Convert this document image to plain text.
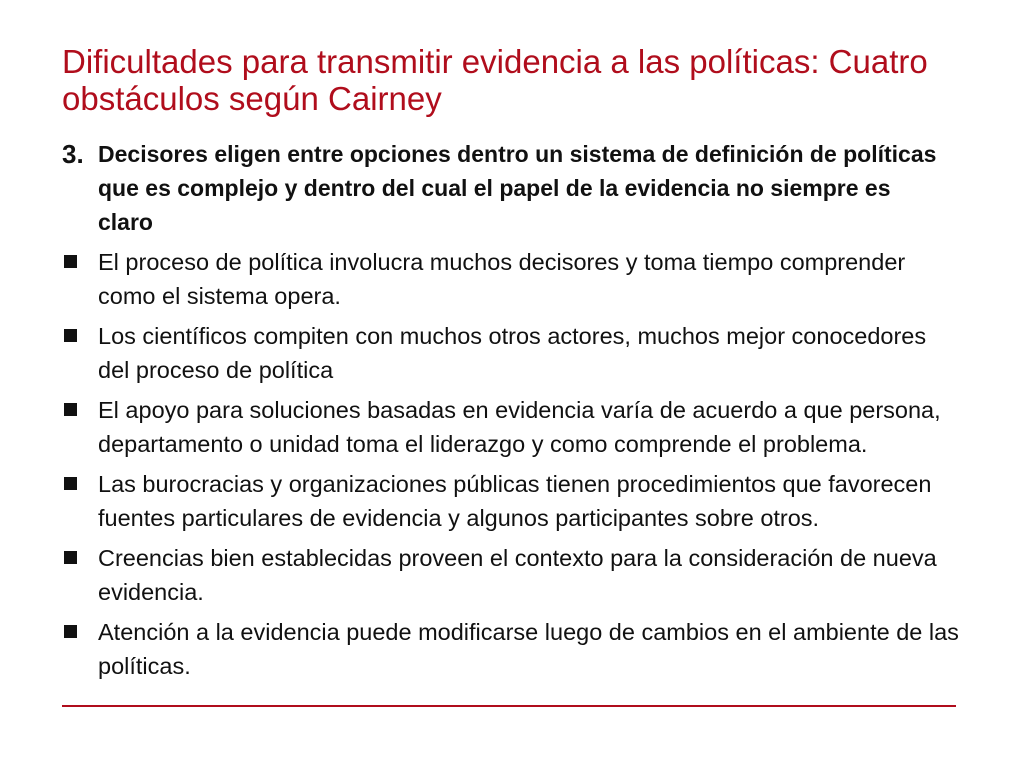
Dificultades para transmitir evidencia a las políticas: Cuatro obstáculos según Cairney
3. Decisores eligen entre opciones dentro un sistema de definición de políticas que es complejo y dentro del cual el papel de la evidencia no siempre es claro

El proceso de política involucra muchos decisores y toma tiempo comprender como el sistema opera.
Los científicos compiten con muchos otros actores, muchos mejor conocedores del proceso de política
El apoyo para soluciones basadas en evidencia varía de acuerdo a que persona, departamento o unidad toma el liderazgo y como comprende el problema.
Las burocracias y organizaciones públicas tienen procedimientos que favorecen fuentes particulares de evidencia y algunos participantes sobre otros.
Creencias bien establecidas proveen el contexto para la consideración de nueva evidencia.
Atención a la evidencia puede modificarse luego de cambios en el ambiente de las políticas.
